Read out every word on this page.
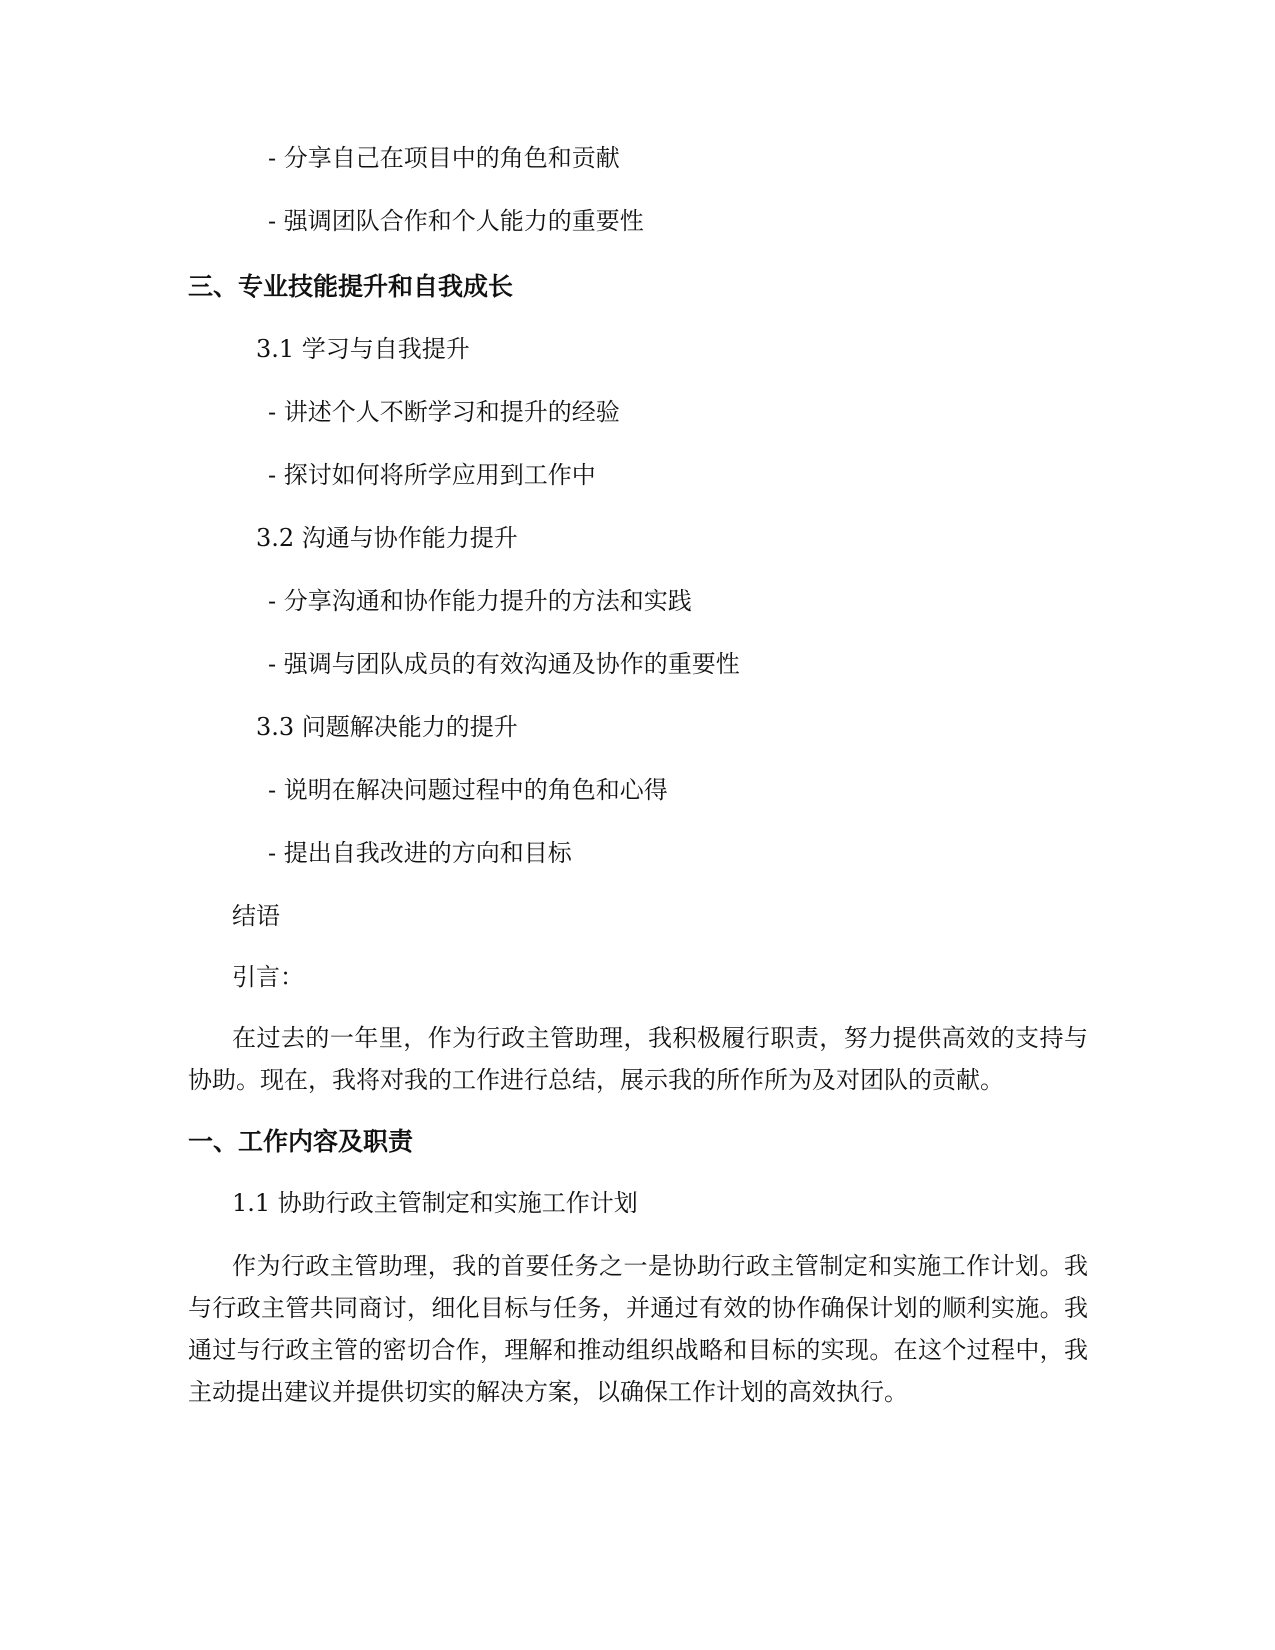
- 分享自己在项目中的角色和贡献
- 强调团队合作和个人能力的重要性
三、专业技能提升和自我成长
3.1 学习与自我提升
- 讲述个人不断学习和提升的经验
- 探讨如何将所学应用到工作中
3.2 沟通与协作能力提升
- 分享沟通和协作能力提升的方法和实践
- 强调与团队成员的有效沟通及协作的重要性
3.3 问题解决能力的提升
- 说明在解决问题过程中的角色和心得
- 提出自我改进的方向和目标
结语
引言：
在过去的一年里，作为行政主管助理，我积极履行职责，努力提供高效的支持与协助。现在，我将对我的工作进行总结，展示我的所作所为及对团队的贡献。
一、工作内容及职责
1.1 协助行政主管制定和实施工作计划
作为行政主管助理，我的首要任务之一是协助行政主管制定和实施工作计划。我与行政主管共同商讨，细化目标与任务，并通过有效的协作确保计划的顺利实施。我通过与行政主管的密切合作，理解和推动组织战略和目标的实现。在这个过程中，我主动提出建议并提供切实的解决方案，以确保工作计划的高效执行。
